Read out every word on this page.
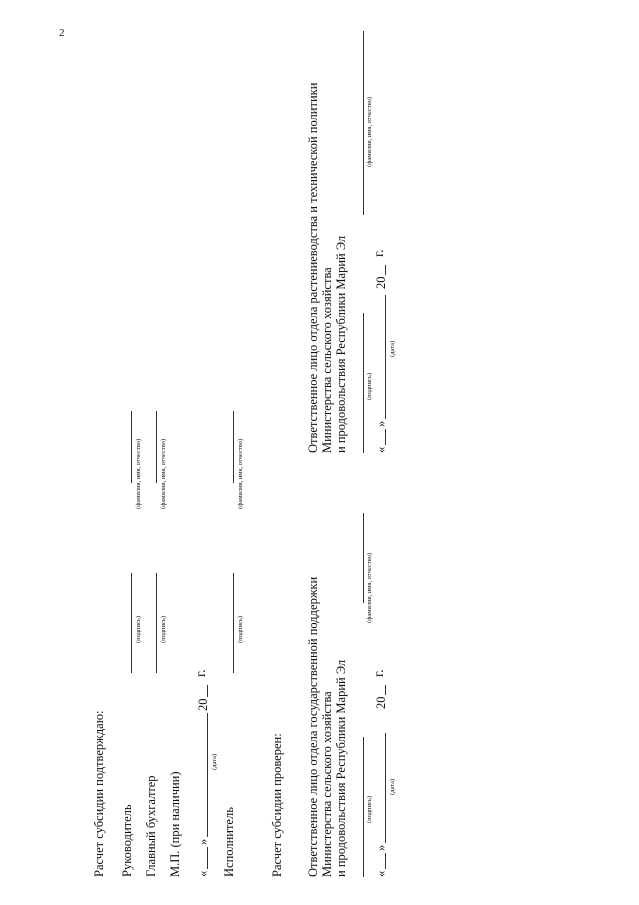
2
Расчет субсидии подтверждаю: Руководитель
(подпись)
(фамилия, имя, отчество)
Главный бухгалтер
(подпись)
(фамилия, имя, отчество)
М.П. (при наличии) «
»
(дата)
20
г.
Исполнитель
(подпись)
(фамилия, имя, отчество)
Расчет субсидии проверен: Ответственное лицо отдела государственной поддержки Министерства сельского хозяйства и продовольствия Республики Марий Эл	(подпись)
(фамилия, имя, отчество)
«
»
(дата)
20
г.
Ответственное лицо отдела растениеводства и технической политики Министерства сельского хозяйства и продовольствия Республики Марий Эл	(подпись)
(фамилия, имя, отчество)
«
»
(дата)
20
г.
